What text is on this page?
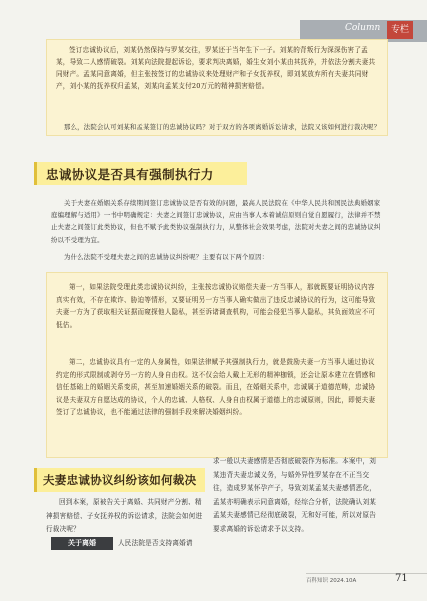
Column	专栏

签订忠诚协议后，刘某仍然保持与罗某交往，罗某还于当年生下一子。刘某的背叛行为深深伤害了孟某，导致二人感情破裂。刘某向法院提起诉讼，要求判决离婚，婚生女刘小某由其抚养，并依法分割夫妻共同财产。孟某同意离婚，但主张按签订的忠诚协议来处理财产和子女抚养权，即刘某放弃所有夫妻共同财产，刘小某的抚养权归孟某，刘某向孟某支付20万元的精神损害赔偿。

那么，法院会认可刘某和孟某签订的忠诚协议吗？对于双方的各项离婚诉讼请求，法院又该如何进行裁决呢？

忠诚协议是否具有强制执行力

关于夫妻在婚姻关系存续期间签订忠诚协议是否有效的问题，最高人民法院在《中华人民共和国民法典婚姻家庭编理解与适用》一书中明确规定：夫妻之间签订忠诚协议，应由当事人本着诚信原则自觉自愿履行，法律并不禁止夫妻之间签订此类协议，但也不赋予此类协议强制执行力，从整体社会效果考虑，法院对夫妻之间的忠诚协议纠纷以不受理为宜。

为什么法院不受理夫妻之间的忠诚协议纠纷呢？主要有以下两个原因：

第一，如果法院受理此类忠诚协议纠纷，主张按忠诚协议赔偿夫妻一方当事人，那就既要证明协议内容真实有效，不存在欺诈、胁迫等情形，又要证明另一方当事人确实做出了违反忠诚协议的行为，这可能导致夫妻一方为了获取相关证据而窥探他人隐私，甚至诉诸调查机构，可能会侵犯当事人隐私，其负面效应不可低估。

第二，忠诚协议具有一定的人身属性，如果法律赋予其强制执行力，就是鼓励夫妻一方当事人通过协议约定的形式限制或剥夺另一方的人身自由权。这不仅会给人戴上无形的精神枷锁，还会让原本建立在情感和信任基础上的婚姻关系变质，甚至加速婚姻关系的破裂。而且，在婚姻关系中，忠诚属于道德范畴，忠诚协议是夫妻双方自愿达成的协议，个人的忠诚、人格权、人身自由权属于道德上的忠诚原则，因此，即便夫妻签订了忠诚协议，也不能通过法律的强制手段来解决婚姻纠纷。

夫妻忠诚协议纠纷该如何裁决

回到本案，原被告关于离婚、共同财产分割、精神损害赔偿、子女抚养权的诉讼请求，法院会如何进行裁决呢？

关于离婚	人民法院是否支持离婚请

求一般以夫妻感情是否彻底破裂作为标准。本案中，刘某违背夫妻忠诚义务，与婚外异性罗某存在不正当交往，造成罗某怀孕产子，导致刘某孟某夫妻感情恶化，孟某亦明确表示同意离婚，经综合分析，法院确认刘某孟某夫妻感情已经彻底破裂，无和好可能，所以对原告要求离婚的诉讼请求予以支持。

百科知识 2024.10A	71
